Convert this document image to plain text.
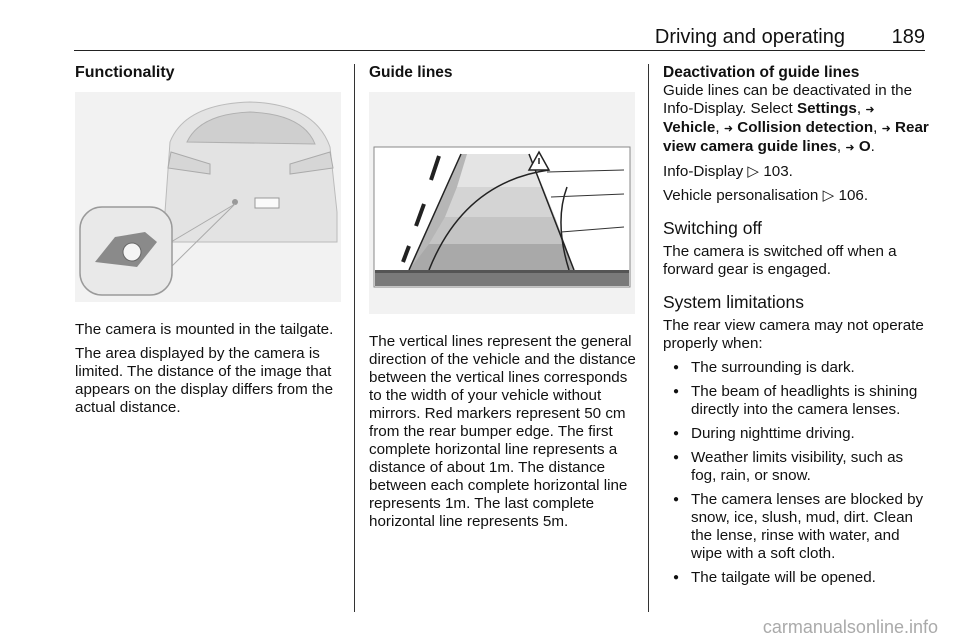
Driving and operating 189
Functionality

The camera is mounted in the tailgate.

The area displayed by the camera is limited. The distance of the image that appears on the display differs from the actual distance.

Guide lines

The vertical lines represent the general direction of the vehicle and the distance between the vertical lines corresponds to the width of your vehicle without mirrors. Red markers represent 50 cm from the rear bumper edge. The first complete horizontal line represents a distance of about 1m. The distance between each complete horizontal line represents 1m. The last complete horizontal line represents 5m.

Deactivation of guide lines

Guide lines can be deactivated in the Info-Display. Select Settings, ➜ Vehicle, ➜ Collision detection, ➜ Rear view camera guide lines, ➜ O.

Info-Display ▷ 103.

Vehicle personalisation ▷ 106.

Switching off

The camera is switched off when a forward gear is engaged.

System limitations

The rear view camera may not operate properly when:

● The surrounding is dark.
● The beam of headlights is shining directly into the camera lenses.
● During nighttime driving.
● Weather limits visibility, such as fog, rain, or snow.
● The camera lenses are blocked by snow, ice, slush, mud, dirt. Clean the lense, rinse with water, and wipe with a soft cloth.
● The tailgate will be opened.
carmanualsonline.info
